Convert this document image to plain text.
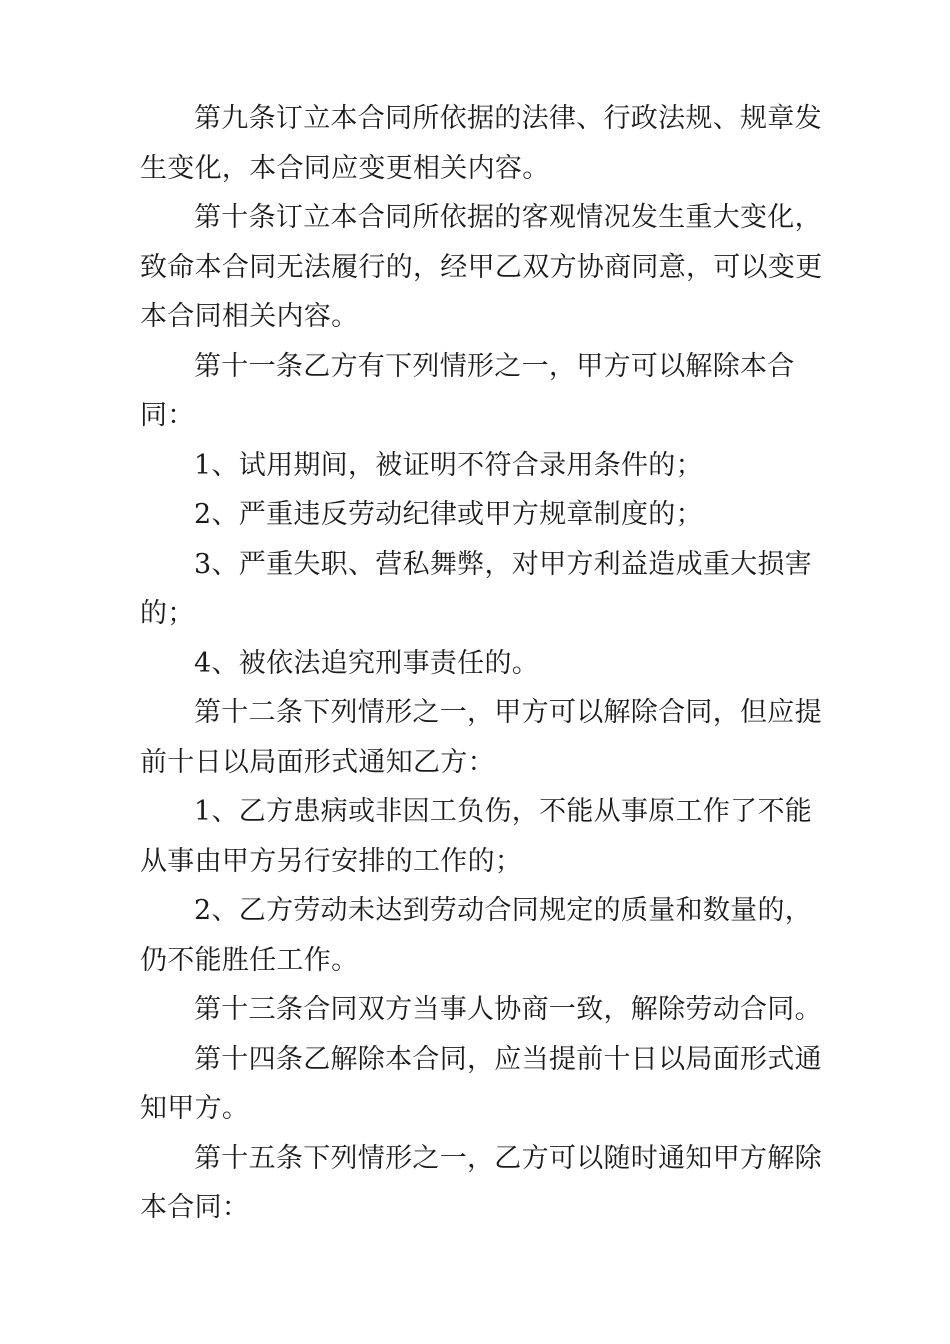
第九条订立本合同所依据的法律、行政法规、规章发生变化，本合同应变更相关内容。

第十条订立本合同所依据的客观情况发生重大变化，致命本合同无法履行的，经甲乙双方协商同意，可以变更本合同相关内容。

第十一条乙方有下列情形之一，甲方可以解除本合同：

1、试用期间，被证明不符合录用条件的；

2、严重违反劳动纪律或甲方规章制度的；

3、严重失职、营私舞弊，对甲方利益造成重大损害的；

4、被依法追究刑事责任的。

第十二条下列情形之一，甲方可以解除合同，但应提前十日以局面形式通知乙方：

1、乙方患病或非因工负伤，不能从事原工作了不能从事由甲方另行安排的工作的；

2、乙方劳动未达到劳动合同规定的质量和数量的，仍不能胜任工作。

第十三条合同双方当事人协商一致，解除劳动合同。

第十四条乙解除本合同，应当提前十日以局面形式通知甲方。

第十五条下列情形之一，乙方可以随时通知甲方解除本合同：
